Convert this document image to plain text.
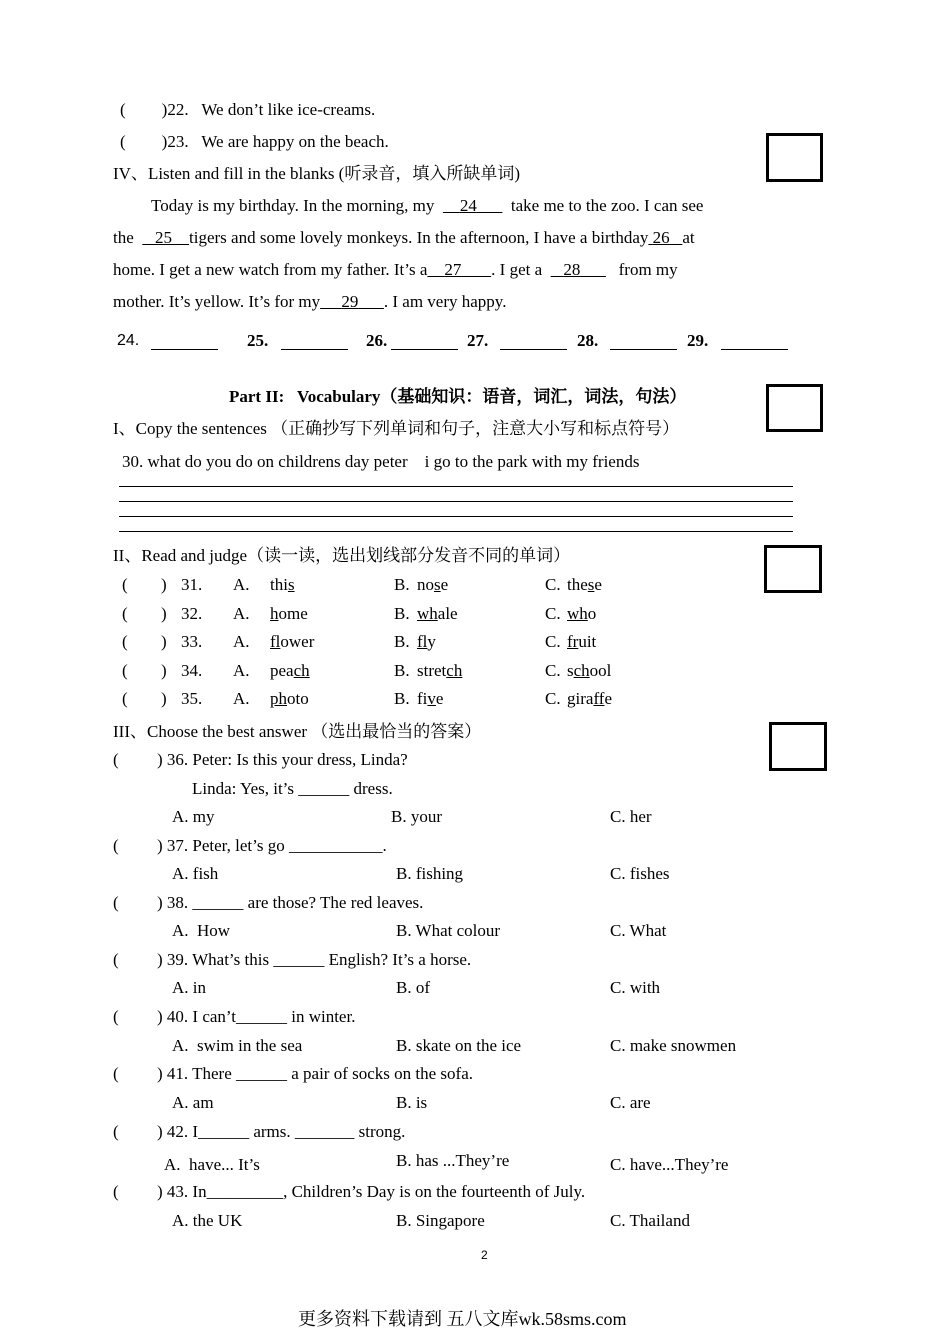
( )22. We don’t like ice-creams.
( )23. We are happy on the beach.
IV、Listen and fill in the blanks (听录音，填入所缺单词)
Today is my birthday. In the morning, my 24 take me to the zoo. I can see
the 25 tigers and some lovely monkeys. In the afternoon, I have a birthday 26 at
home. I get a new watch from my father. It’s a 27 . I get a 28 from my
mother. It’s yellow. It’s for my 29 . I am very happy.
24.	25.	26.	27.	28.	29.
Part II:   Vocabulary（基础知识：语音，词汇，词法，句法）
I、Copy the sentences （正确抄写下列单词和句子，注意大小写和标点符号）
30. what do you do on childrens day peter    i go to the park with my friends
II、Read and judge（读一读，选出划线部分发音不同的单词）
( ) 31. A. this	B. nose	C. these
( ) 32. A. home	B. whale	C. who
( ) 33. A. flower	B. fly	C. fruit
( ) 34. A. peach	B. stretch	C. school
( ) 35. A. photo	B. five	C. giraffe
III、Choose the best answer （选出最恰当的答案）
( ) 36. Peter: Is this your dress, Linda?
Linda: Yes, it’s ______ dress.
A. my	B. your	C. her
( ) 37. Peter, let’s go ___________.
A. fish	B. fishing	C. fishes
( ) 38. ______ are those? The red leaves.
A.  How	B. What colour	C. What
( ) 39. What’s this ______ English? It’s a horse.
A. in	B. of	C. with
( ) 40. I can’t______ in winter.
A.  swim in the sea	B. skate on the ice	C. make snowmen
( ) 41. There ______ a pair of socks on the sofa.
A. am	B. is	C. are
( ) 42. I______ arms. _______ strong.
A.  have... It’s	B. has ...They’re	C. have...They’re
( ) 43. In_________, Children’s Day is on the fourteenth of July.
A. the UK	B. Singapore	C. Thailand
2
更多资料下载请到 五八文库wk.58sms.com
